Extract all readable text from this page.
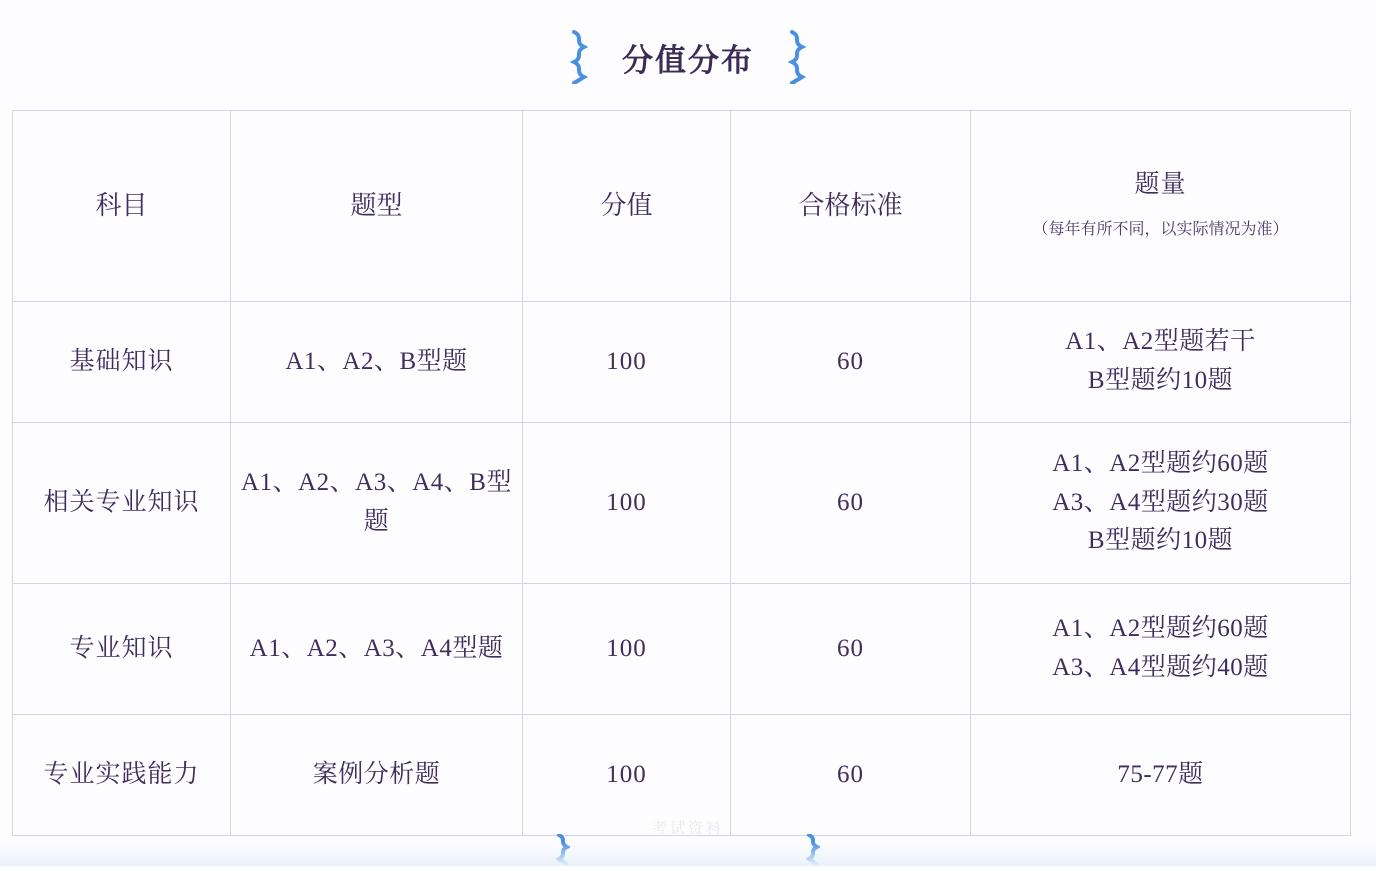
分值分布
科目	题型	分值	合格标准	题量
（每年有所不同，以实际情况为准）

基础知识	A1、A2、B型题	100	60	A1、A2型题若干
B型题约10题

相关专业知识	A1、A2、A3、A4、B型题	100	60	A1、A2型题约60题
A3、A4型题约30题
B型题约10题

专业知识	A1、A2、A3、A4型题	100	60	A1、A2型题约60题
A3、A4型题约40题

专业实践能力	案例分析题	100	60	75-77题
考试资料
